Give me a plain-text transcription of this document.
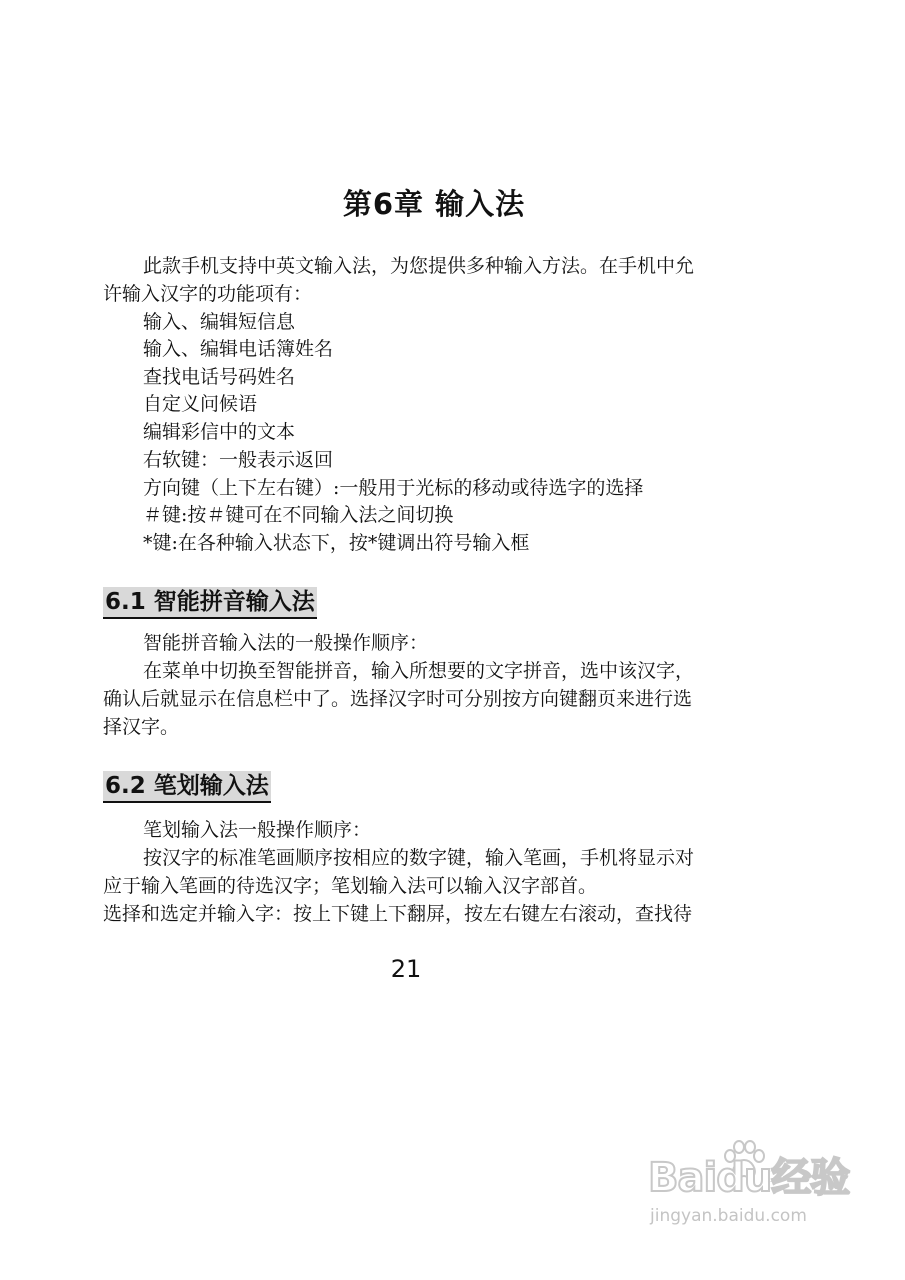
第6章 输入法
此款手机支持中英文输入法，为您提供多种输入方法。在手机中允
许输入汉字的功能项有：
输入、编辑短信息
输入、编辑电话簿姓名
查找电话号码姓名
自定义问候语
编辑彩信中的文本
右软键：一般表示返回
方向键（上下左右键）:一般用于光标的移动或待选字的选择
＃键:按＃键可在不同输入法之间切换
*键:在各种输入状态下，按*键调出符号输入框
6.1 智能拼音输入法
智能拼音输入法的一般操作顺序：
在菜单中切换至智能拼音，输入所想要的文字拼音，选中该汉字，
确认后就显示在信息栏中了。选择汉字时可分别按方向键翻页来进行选
择汉字。
6.2 笔划输入法
笔划输入法一般操作顺序：
按汉字的标准笔画顺序按相应的数字键，输入笔画，手机将显示对
应于输入笔画的待选汉字；笔划输入法可以输入汉字部首。
选择和选定并输入字：按上下键上下翻屏，按左右键左右滚动，查找待
21
Baidu经验
jingyan.baidu.com
